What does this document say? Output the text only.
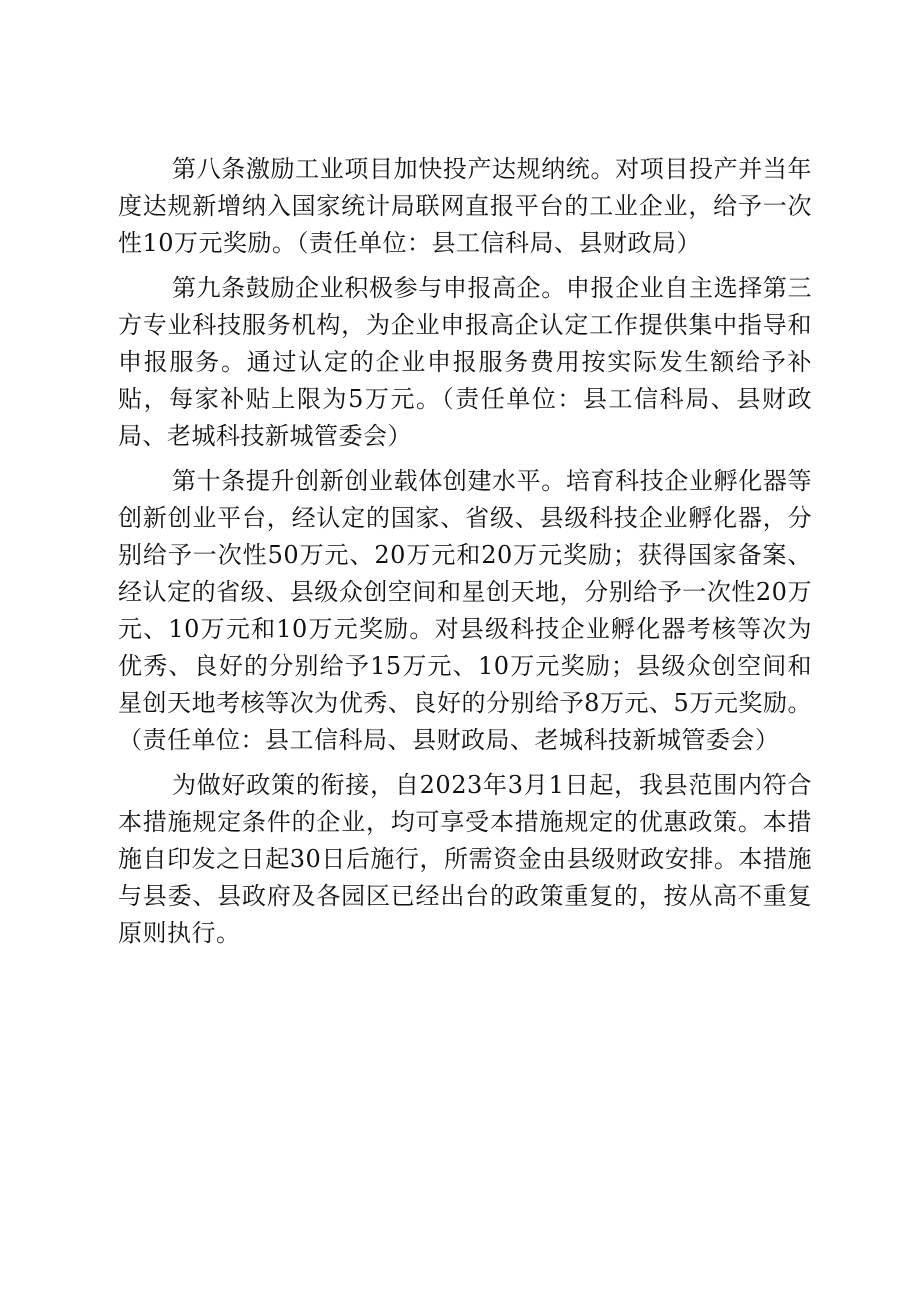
第八条激励工业项目加快投产达规纳统。对项目投产并当年度达规新增纳入国家统计局联网直报平台的工业企业，给予一次性10万元奖励。（责任单位：县工信科局、县财政局）

第九条鼓励企业积极参与申报高企。申报企业自主选择第三方专业科技服务机构，为企业申报高企认定工作提供集中指导和申报服务。通过认定的企业申报服务费用按实际发生额给予补贴，每家补贴上限为5万元。（责任单位：县工信科局、县财政局、老城科技新城管委会）

第十条提升创新创业载体创建水平。培育科技企业孵化器等创新创业平台，经认定的国家、省级、县级科技企业孵化器，分别给予一次性50万元、20万元和20万元奖励；获得国家备案、经认定的省级、县级众创空间和星创天地，分别给予一次性20万元、10万元和10万元奖励。对县级科技企业孵化器考核等次为优秀、良好的分别给予15万元、10万元奖励；县级众创空间和星创天地考核等次为优秀、良好的分别给予8万元、5万元奖励。（责任单位：县工信科局、县财政局、老城科技新城管委会）

为做好政策的衔接，自2023年3月1日起，我县范围内符合本措施规定条件的企业，均可享受本措施规定的优惠政策。本措施自印发之日起30日后施行，所需资金由县级财政安排。本措施与县委、县政府及各园区已经出台的政策重复的，按从高不重复原则执行。
